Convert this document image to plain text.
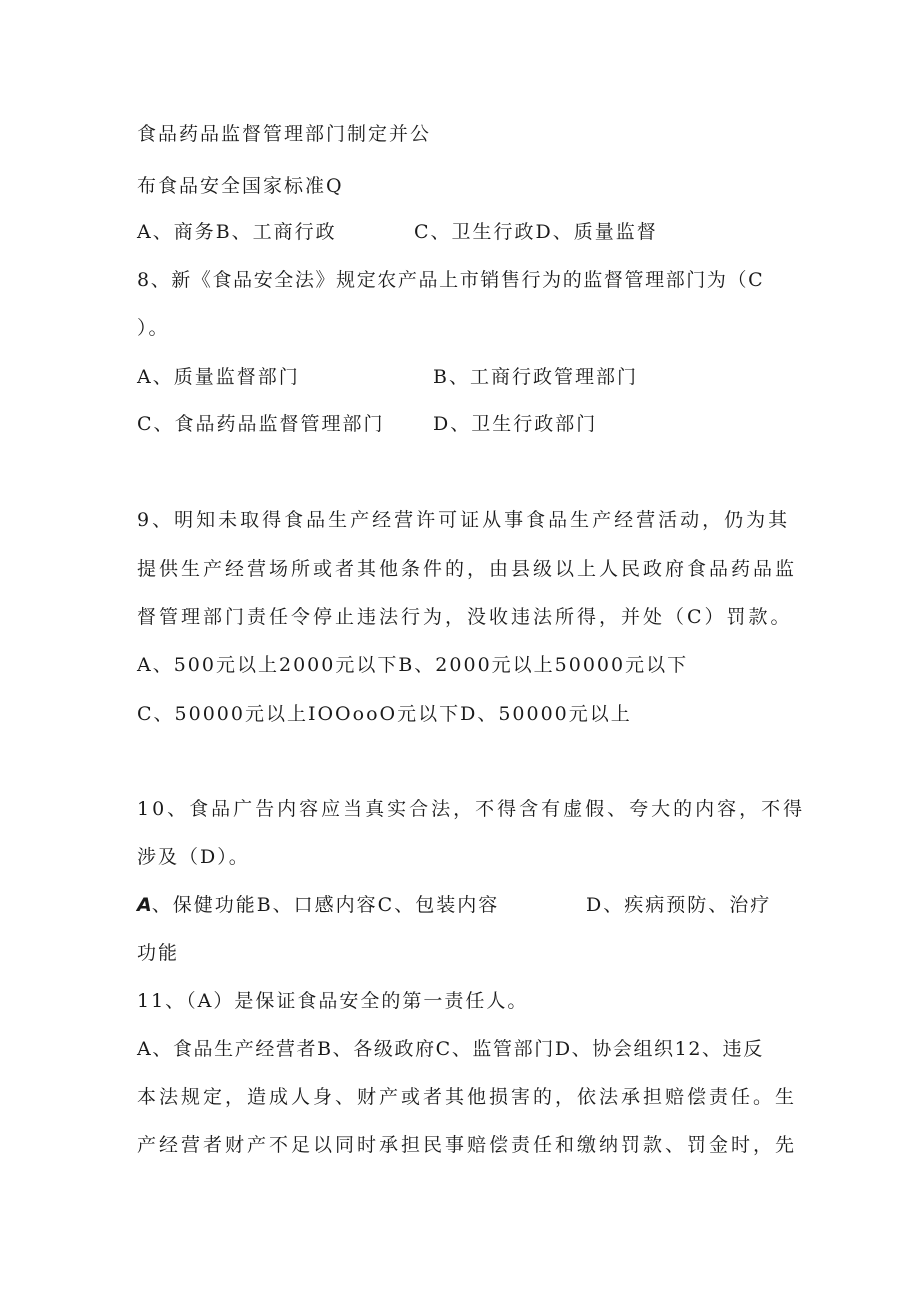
食品药品监督管理部门制定并公
布食品安全国家标准Q
A、商务B、工商行政	C、卫生行政D、质量监督
8、新《食品安全法》规定农产品上市销售行为的监督管理部门为（C
）。
A、质量监督部门	B、工商行政管理部门
C、食品药品监督管理部门	D、卫生行政部门
9、明知未取得食品生产经营许可证从事食品生产经营活动，仍为其
提供生产经营场所或者其他条件的，由县级以上人民政府食品药品监
督管理部门责任令停止违法行为，没收违法所得，并处（C）罚款。
A、500元以上2000元以下B、2000元以上50000元以下
C、50000元以上IOOooO元以下D、50000元以上
10、食品广告内容应当真实合法，不得含有虚假、夸大的内容，不得
涉及（D）。
A、保健功能B、口感内容C、包装内容	D、疾病预防、治疗
功能
11、（A）是保证食品安全的第一责任人。
A、食品生产经营者B、各级政府C、监管部门D、协会组织12、违反
本法规定，造成人身、财产或者其他损害的，依法承担赔偿责任。生
产经营者财产不足以同时承担民事赔偿责任和缴纳罚款、罚金时，先
